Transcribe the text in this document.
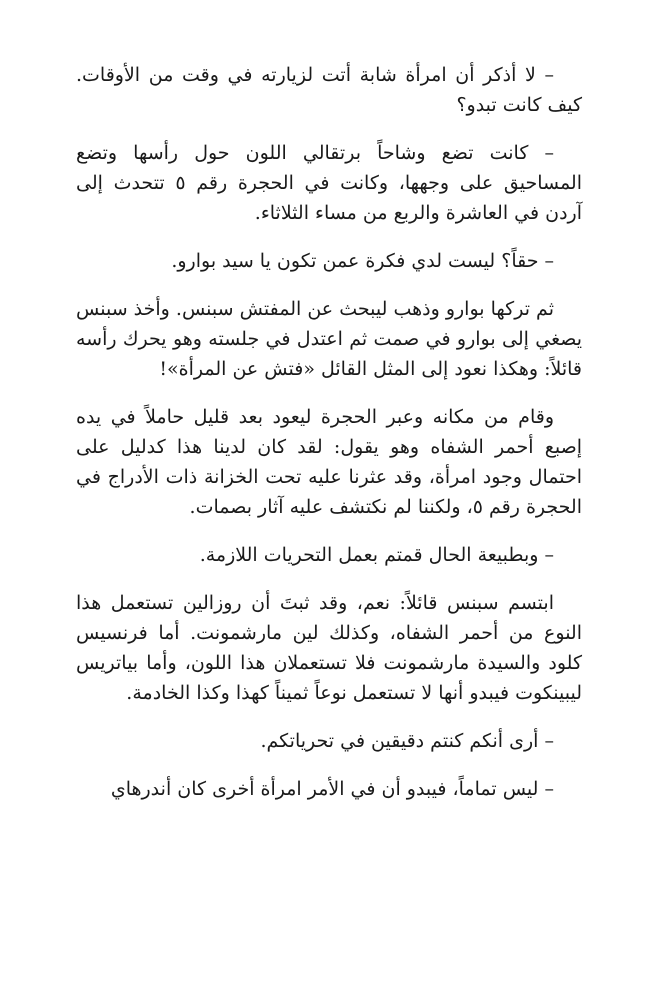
– لا أذكر أن امرأة شابة أتت لزيارته في وقت من الأوقات. كيف كانت تبدو؟

– كانت تضع وشاحاً برتقالي اللون حول رأسها وتضع المساحيق على وجهها، وكانت في الحجرة رقم ٥ تتحدث إلى آردن في العاشرة والربع من مساء الثلاثاء.

– حقاً؟ ليست لدي فكرة عمن تكون يا سيد بوارو.

ثم تركها بوارو وذهب ليبحث عن المفتش سبنس. وأخذ سبنس يصغي إلى بوارو في صمت ثم اعتدل في جلسته وهو يحرك رأسه قائلاً: وهكذا نعود إلى المثل القائل «فتش عن المرأة»!

وقام من مكانه وعبر الحجرة ليعود بعد قليل حاملاً في يده إصبع أحمر الشفاه وهو يقول: لقد كان لدينا هذا كدليل على احتمال وجود امرأة، وقد عثرنا عليه تحت الخزانة ذات الأدراج في الحجرة رقم ٥، ولكننا لم نكتشف عليه آثار بصمات.

– وبطبيعة الحال قمتم بعمل التحريات اللازمة.

ابتسم سبنس قائلاً: نعم، وقد ثبتَ أن روزالين تستعمل هذا النوع من أحمر الشفاه، وكذلك لين مارشمونت. أما فرنسيس كلود والسيدة مارشمونت فلا تستعملان هذا اللون، وأما بياتريس ليبينكوت فيبدو أنها لا تستعمل نوعاً ثميناً كهذا وكذا الخادمة.

– أرى أنكم كنتم دقيقين في تحرياتكم.

– ليس تماماً، فيبدو أن في الأمر امرأة أخرى كان أندرهاي
